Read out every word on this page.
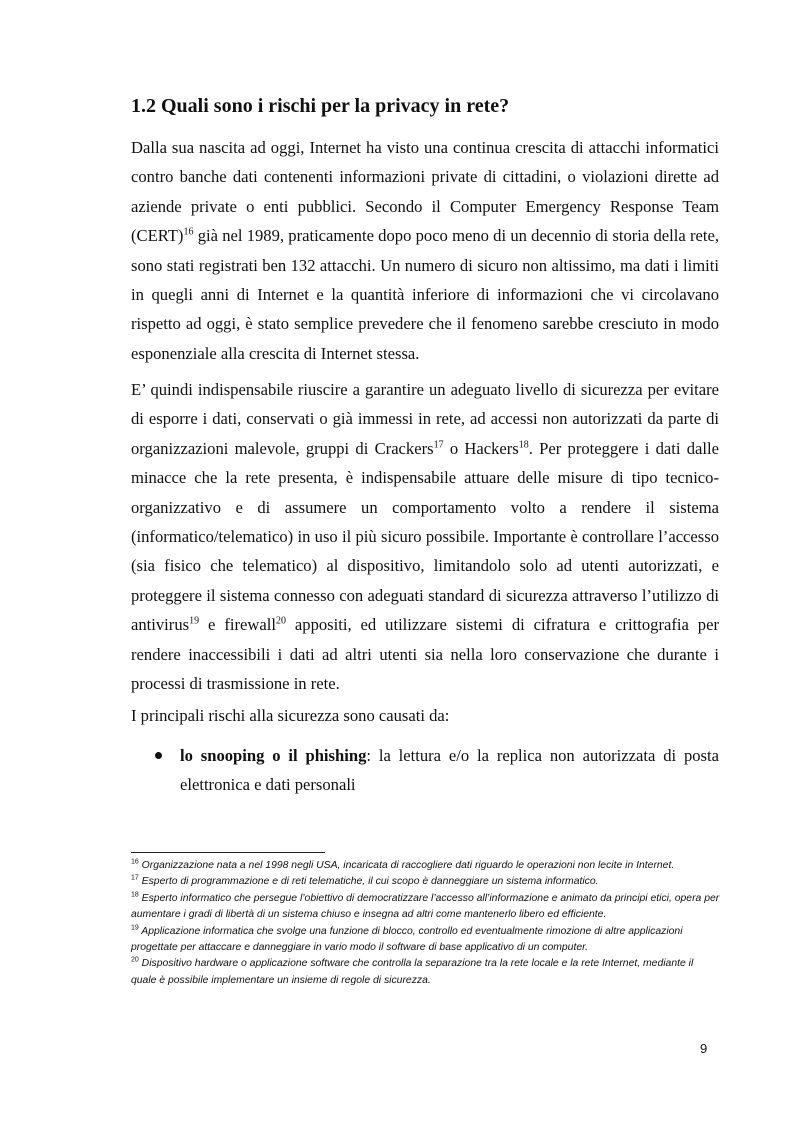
1.2 Quali sono i rischi per la privacy in rete?

Dalla sua nascita ad oggi, Internet ha visto una continua crescita di attacchi informatici contro banche dati contenenti informazioni private di cittadini, o violazioni dirette ad aziende private o enti pubblici. Secondo il Computer Emergency Response Team (CERT)$^{16}$ già nel 1989, praticamente dopo poco meno di un decennio di storia della rete, sono stati registrati ben 132 attacchi. Un numero di sicuro non altissimo, ma dati i limiti in quegli anni di Internet e la quantità inferiore di informazioni che vi circolavano rispetto ad oggi, è stato semplice prevedere che il fenomeno sarebbe cresciuto in modo esponenziale alla crescita di Internet stessa.

E’ quindi indispensabile riuscire a garantire un adeguato livello di sicurezza per evitare di esporre i dati, conservati o già immessi in rete, ad accessi non autorizzati da parte di organizzazioni malevole, gruppi di Crackers$^{17}$ o Hackers$^{18}$. Per proteggere i dati dalle minacce che la rete presenta, è indispensabile attuare delle misure di tipo tecnico-organizzativo e di assumere un comportamento volto a rendere il sistema (informatico/telematico) in uso il più sicuro possibile. Importante è controllare l’accesso (sia fisico che telematico) al dispositivo, limitandolo solo ad utenti autorizzati, e proteggere il sistema connesso con adeguati standard di sicurezza attraverso l’utilizzo di antivirus$^{19}$ e firewall$^{20}$ appositi, ed utilizzare sistemi di cifratura e crittografia per rendere inaccessibili i dati ad altri utenti sia nella loro conservazione che durante i processi di trasmissione in rete.

I principali rischi alla sicurezza sono causati da:

lo snooping o il phishing: la lettura e/o la replica non autorizzata di posta elettronica e dati personali

$^{16}$ Organizzazione nata a nel 1998 negli USA, incaricata di raccogliere dati riguardo le operazioni non lecite in Internet.

$^{17}$ Esperto di programmazione e di reti telematiche, il cui scopo è danneggiare un sistema informatico.

$^{18}$ Esperto informatico che persegue l’obiettivo di democratizzare l’accesso all’informazione e animato da principi etici, opera per aumentare i gradi di libertà di un sistema chiuso e insegna ad altri come mantenerlo libero ed efficiente.

$^{19}$ Applicazione informatica che svolge una funzione di blocco, controllo ed eventualmente rimozione di altre applicazioni progettate per attaccare e danneggiare in vario modo il software di base applicativo di un computer.

$^{20}$ Dispositivo hardware o applicazione software che controlla la separazione tra la rete locale e la rete Internet, mediante il quale è possibile implementare un insieme di regole di sicurezza.

9
